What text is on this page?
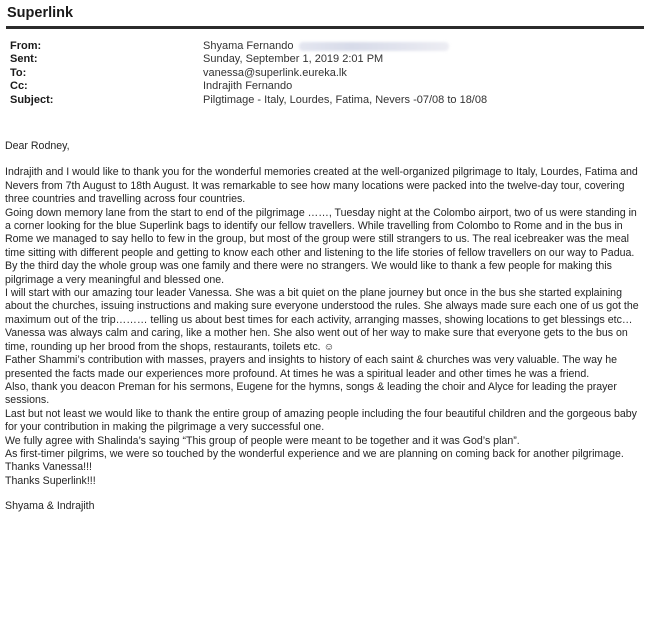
Superlink
From:	Shyama Fernando
Sent:	Sunday, September 1, 2019 2:01 PM
To:	vanessa@superlink.eureka.lk
Cc:	Indrajith Fernando
Subject:	Pilgtimage - Italy, Lourdes, Fatima, Nevers -07/08 to 18/08

Dear Rodney,

Indrajith and I would like to thank you for the wonderful memories created at the well-organized pilgrimage to Italy, Lourdes, Fatima and Nevers from 7th August to 18th August. It was remarkable to see how many locations were packed into the twelve-day tour, covering three countries and travelling across four countries.

Going down memory lane from the start to end of the pilgrimage ……, Tuesday night at the Colombo airport, two of us were standing in a corner looking for the blue Superlink bags to identify our fellow travellers. While travelling from Colombo to Rome and in the bus in Rome we managed to say hello to few in the group, but most of the group were still strangers to us. The real icebreaker was the meal time sitting with different people and getting to know each other and listening to the life stories of fellow travellers on our way to Padua. By the third day the whole group was one family and there were no strangers. We would like to thank a few people for making this pilgrimage a very meaningful and blessed one.

I will start with our amazing tour leader Vanessa. She was a bit quiet on the plane journey but once in the bus she started explaining about the churches, issuing instructions and making sure everyone understood the rules. She always made sure each one of us got the maximum out of the trip……… telling us about best times for each activity, arranging masses, showing locations to get blessings etc… Vanessa was always calm and caring, like a mother hen. She also went out of her way to make sure that everyone gets to the bus on time, rounding up her brood from the shops, restaurants, toilets etc. ☺

Father Shammi’s contribution with masses, prayers and insights to history of each saint & churches was very valuable. The way he presented the facts made our experiences more profound. At times he was a spiritual leader and other times he was a friend.

Also, thank you deacon Preman for his sermons, Eugene for the hymns, songs & leading the choir and Alyce for leading the prayer sessions.

Last but not least we would like to thank the entire group of amazing people including the four beautiful children and the gorgeous baby for your contribution in making the pilgrimage a very successful one.

We fully agree with Shalinda’s saying “This group of people were meant to be together and it was God’s plan”.

As first-timer pilgrims, we were so touched by the wonderful experience and we are planning on coming back for another pilgrimage.

Thanks Vanessa!!!

Thanks Superlink!!!

Shyama & Indrajith
